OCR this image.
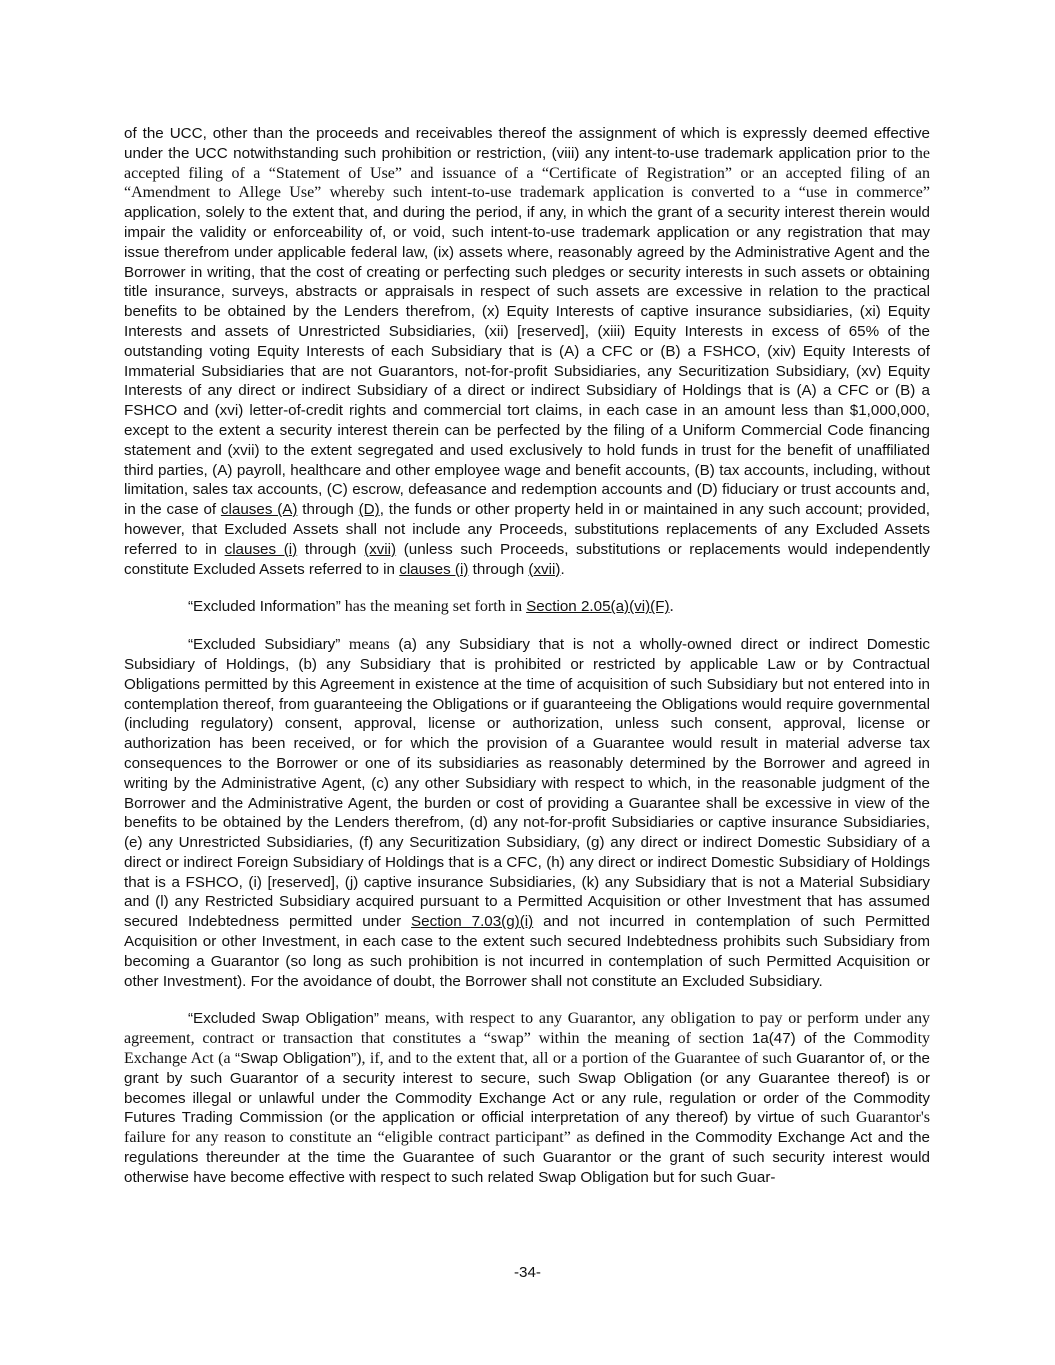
of the UCC, other than the proceeds and receivables thereof the assignment of which is expressly deemed effective under the UCC notwithstanding such prohibition or restriction, (viii) any intent-to-use trademark application prior to the accepted filing of a “Statement of Use” and issuance of a “Certificate of Registration” or an accepted filing of an “Amendment to Allege Use” whereby such intent-to-use trademark application is converted to a “use in commerce” application, solely to the extent that, and during the period, if any, in which the grant of a security interest therein would impair the validity or enforceability of, or void, such intent-to-use trademark application or any registration that may issue therefrom under applicable federal law, (ix) assets where, reasonably agreed by the Administrative Agent and the Borrower in writing, that the cost of creating or perfecting such pledges or security interests in such assets or obtaining title insurance, surveys, abstracts or appraisals in respect of such assets are excessive in relation to the practical benefits to be obtained by the Lenders therefrom, (x) Equity Interests of captive insurance subsidiaries, (xi) Equity Interests and assets of Unrestricted Subsidiaries, (xii) [reserved], (xiii) Equity Interests in excess of 65% of the outstanding voting Equity Interests of each Subsidiary that is (A) a CFC or (B) a FSHCO, (xiv) Equity Interests of Immaterial Subsidiaries that are not Guarantors, not-for-profit Subsidiaries, any Securitization Subsidiary, (xv) Equity Interests of any direct or indirect Subsidiary of a direct or indirect Subsidiary of Holdings that is (A) a CFC or (B) a FSHCO and (xvi) letter-of-credit rights and commercial tort claims, in each case in an amount less than $1,000,000, except to the extent a security interest therein can be perfected by the filing of a Uniform Commercial Code financing statement and (xvii) to the extent segregated and used exclusively to hold funds in trust for the benefit of unaffiliated third parties, (A) payroll, healthcare and other employee wage and benefit accounts, (B) tax accounts, including, without limitation, sales tax accounts, (C) escrow, defeasance and redemption accounts and (D) fiduciary or trust accounts and, in the case of clauses (A) through (D), the funds or other property held in or maintained in any such account; provided, however, that Excluded Assets shall not include any Proceeds, substitutions replacements of any Excluded Assets referred to in clauses (i) through (xvii) (unless such Proceeds, substitutions or replacements would independently constitute Excluded Assets referred to in clauses (i) through (xvii).

“Excluded Information” has the meaning set forth in Section 2.05(a)(vi)(F).

“Excluded Subsidiary” means (a) any Subsidiary that is not a wholly-owned direct or indirect Domestic Subsidiary of Holdings, (b) any Subsidiary that is prohibited or restricted by applicable Law or by Contractual Obligations permitted by this Agreement in existence at the time of acquisition of such Subsidiary but not entered into in contemplation thereof, from guaranteeing the Obligations or if guaranteeing the Obligations would require governmental (including regulatory) consent, approval, license or authorization, unless such consent, approval, license or authorization has been received, or for which the provision of a Guarantee would result in material adverse tax consequences to the Borrower or one of its subsidiaries as reasonably determined by the Borrower and agreed in writing by the Administrative Agent, (c) any other Subsidiary with respect to which, in the reasonable judgment of the Borrower and the Administrative Agent, the burden or cost of providing a Guarantee shall be excessive in view of the benefits to be obtained by the Lenders therefrom, (d) any not-for-profit Subsidiaries or captive insurance Subsidiaries, (e) any Unrestricted Subsidiaries, (f) any Securitization Subsidiary, (g) any direct or indirect Domestic Subsidiary of a direct or indirect Foreign Subsidiary of Holdings that is a CFC, (h) any direct or indirect Domestic Subsidiary of Holdings that is a FSHCO, (i) [reserved], (j) captive insurance Subsidiaries, (k) any Subsidiary that is not a Material Subsidiary and (l) any Restricted Subsidiary acquired pursuant to a Permitted Acquisition or other Investment that has assumed secured Indebtedness permitted under Section 7.03(g)(i) and not incurred in contemplation of such Permitted Acquisition or other Investment, in each case to the extent such secured Indebtedness prohibits such Subsidiary from becoming a Guarantor (so long as such prohibition is not incurred in contemplation of such Permitted Acquisition or other Investment). For the avoidance of doubt, the Borrower shall not constitute an Excluded Subsidiary.

“Excluded Swap Obligation” means, with respect to any Guarantor, any obligation to pay or perform under any agreement, contract or transaction that constitutes a “swap” within the meaning of section 1a(47) of the Commodity Exchange Act (a “Swap Obligation”), if, and to the extent that, all or a portion of the Guarantee of such Guarantor of, or the grant by such Guarantor of a security interest to secure, such Swap Obligation (or any Guarantee thereof) is or becomes illegal or unlawful under the Commodity Exchange Act or any rule, regulation or order of the Commodity Futures Trading Commission (or the application or official interpretation of any thereof) by virtue of such Guarantor's failure for any reason to constitute an “eligible contract participant” as defined in the Commodity Exchange Act and the regulations thereunder at the time the Guarantee of such Guarantor or the grant of such security interest would otherwise have become effective with respect to such related Swap Obligation but for such Guar-

-34-
